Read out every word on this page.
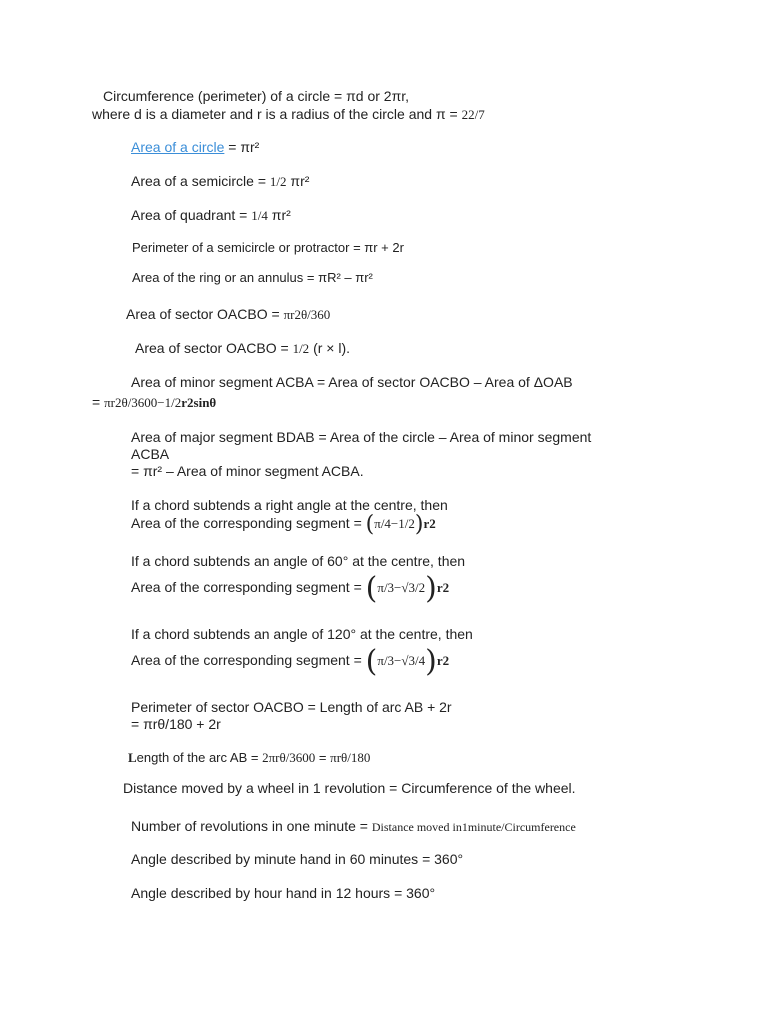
Circumference (perimeter) of a circle = πd or 2πr,
where d is a diameter and r is a radius of the circle and π = 22/7
Area of a circle = πr²
Area of a semicircle = 1/2 πr²
Area of quadrant = 1/4 πr²
Perimeter of a semicircle or protractor = πr + 2r
Area of the ring or an annulus = πR² – πr²
Area of sector OACBO = πr2θ/360
Area of sector OACBO = 1/2 (r × l).
Area of minor segment ACBA = Area of sector OACBO – Area of ΔOAB
= πr2θ/3600−1/2r2sinθ
Area of major segment BDAB = Area of the circle – Area of minor segment
ACBA
= πr² – Area of minor segment ACBA.
If a chord subtends a right angle at the centre, then
Area of the corresponding segment = (π/4−1/2)r2
If a chord subtends an angle of 60° at the centre, then
Area of the corresponding segment = (π/3−√3/2)r2
If a chord subtends an angle of 120° at the centre, then
Area of the corresponding segment = (π/3−√3/4)r2
Perimeter of sector OACBO = Length of arc AB + 2r
= πrθ/180 + 2r
Length of the arc AB = 2πrθ/3600 = πrθ/180
Distance moved by a wheel in 1 revolution = Circumference of the wheel.
Number of revolutions in one minute = Distance moved in1minute/Circumference
Angle described by minute hand in 60 minutes = 360°
Angle described by hour hand in 12 hours = 360°
